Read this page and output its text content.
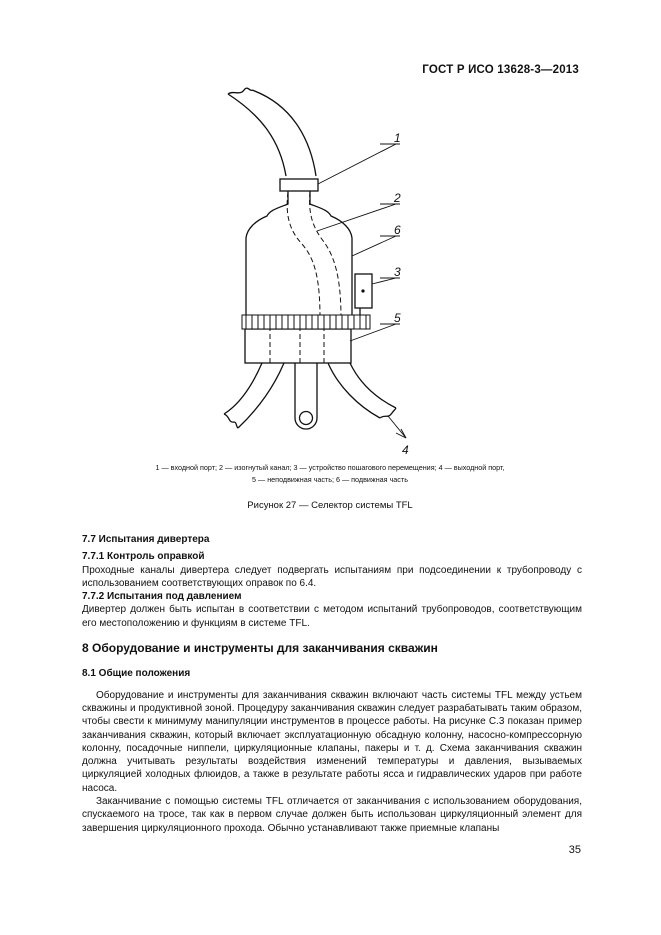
ГОСТ Р ИСО 13628-3—2013
1
2
6
3
5
4
1 — входной порт; 2 — изогнутый канал; 3 — устройство пошагового перемещения; 4 — выходной порт,
5 — неподвижная часть; 6 — подвижная часть
Рисунок 27 — Селектор системы TFL
7.7 Испытания дивертера
7.7.1 Контроль оправкой

Проходные каналы дивертера следует подвергать испытаниям при подсоединении к трубопроводу с использованием соответствующих оправок по 6.4.

7.7.2 Испытания под давлением

Дивертер должен быть испытан в соответствии с методом испытаний трубопроводов, соответствующим его местоположению и функциям в системе TFL.

8 Оборудование и инструменты для заканчивания скважин
8.1 Общие положения

Оборудование и инструменты для заканчивания скважин включают часть системы TFL между устьем скважины и продуктивной зоной. Процедуру заканчивания скважин следует разрабатывать таким образом, чтобы свести к минимуму манипуляции инструментов в процессе работы. На рисунке С.3 показан пример заканчивания скважин, который включает эксплуатационную обсадную колонну, насосно-компрессорную колонну, посадочные ниппели, циркуляционные клапаны, пакеры и т. д. Схема заканчивания скважин должна учитывать результаты воздействия изменений температуры и давления, вызываемых циркуляцией холодных флюидов, а также в результате работы ясса и гидравлических ударов при работе насоса.

Заканчивание с помощью системы TFL отличается от заканчивания с использованием оборудования, спускаемого на тросе, так как в первом случае должен быть использован циркуляционный элемент для завершения циркуляционного прохода. Обычно устанавливают также приемные клапаны

35
